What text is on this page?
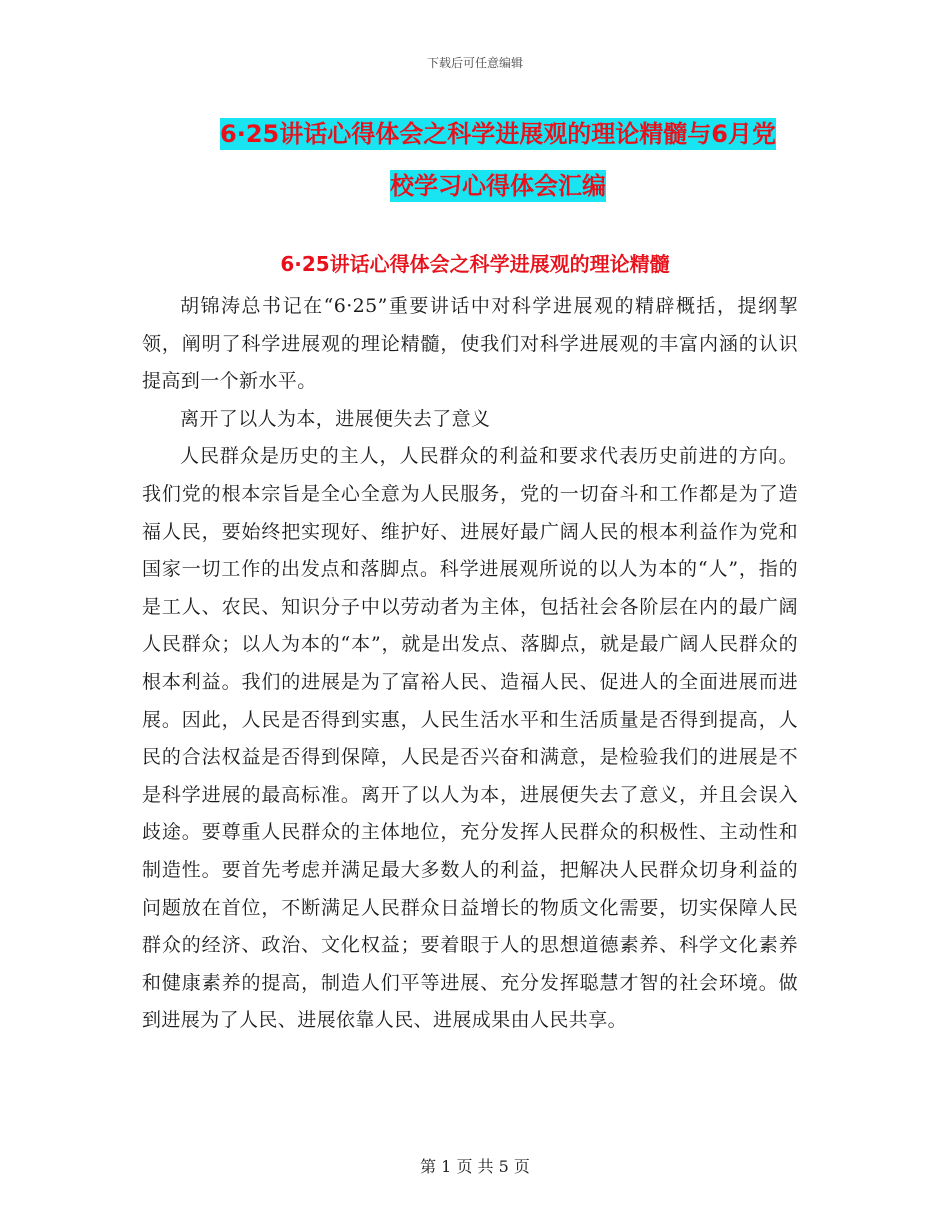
下载后可任意编辑
6·25讲话心得体会之科学进展观的理论精髓与6月党
校学习心得体会汇编
6·25讲话心得体会之科学进展观的理论精髓

胡锦涛总书记在“6·25”重要讲话中对科学进展观的精辟概括，提纲挈领，阐明了科学进展观的理论精髓，使我们对科学进展观的丰富内涵的认识提高到一个新水平。

离开了以人为本，进展便失去了意义

人民群众是历史的主人，人民群众的利益和要求代表历史前进的方向。我们党的根本宗旨是全心全意为人民服务，党的一切奋斗和工作都是为了造福人民，要始终把实现好、维护好、进展好最广阔人民的根本利益作为党和国家一切工作的出发点和落脚点。科学进展观所说的以人为本的“人”，指的是工人、农民、知识分子中以劳动者为主体，包括社会各阶层在内的最广阔人民群众；以人为本的“本”，就是出发点、落脚点，就是最广阔人民群众的根本利益。我们的进展是为了富裕人民、造福人民、促进人的全面进展而进展。因此，人民是否得到实惠，人民生活水平和生活质量是否得到提高，人民的合法权益是否得到保障，人民是否兴奋和满意，是检验我们的进展是不是科学进展的最高标准。离开了以人为本，进展便失去了意义，并且会误入歧途。要尊重人民群众的主体地位，充分发挥人民群众的积极性、主动性和制造性。要首先考虑并满足最大多数人的利益，把解决人民群众切身利益的问题放在首位，不断满足人民群众日益增长的物质文化需要，切实保障人民群众的经济、政治、文化权益；要着眼于人的思想道德素养、科学文化素养和健康素养的提高，制造人们平等进展、充分发挥聪慧才智的社会环境。做到进展为了人民、进展依靠人民、进展成果由人民共享。

第 1 页 共 5 页
